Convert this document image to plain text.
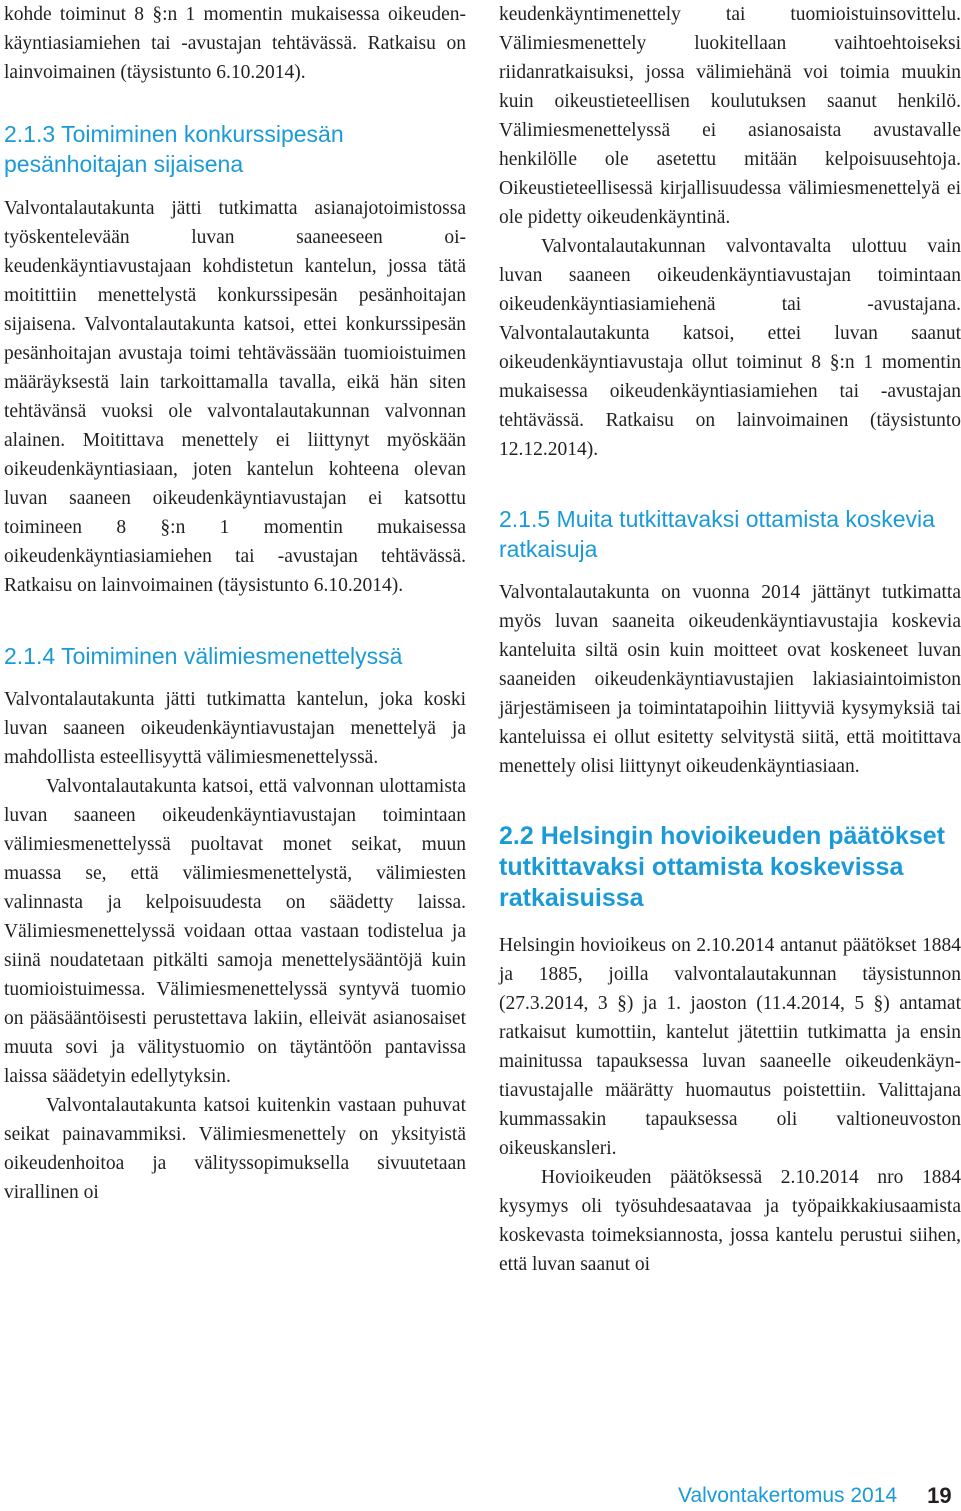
kohde toiminut 8 §:n 1 momentin mukaisessa oikeudenkäyntiasiamiehen tai -avustajan tehtävässä. Ratkaisu on lainvoimainen (täysistunto 6.10.2014).

2.1.3 Toimiminen konkurssipesän pesänhoitajan sijaisena

Valvontalautakunta jätti tutkimatta asianajotoimistossa työskentelevään luvan saaneeseen oikeudenkäyntiavustajaan kohdistetun kantelun, jossa tätä moitittiin menettelystä konkurssipesän pesänhoitajan sijaisena. Valvontalautakunta katsoi, ettei konkurssipesän pesänhoitajan avustaja toimi tehtävässään tuomioistuimen määräyksestä lain tarkoittamalla tavalla, eikä hän siten tehtävänsä vuoksi ole valvontalautakunnan valvonnan alainen. Moitittava menettely ei liittynyt myöskään oikeudenkäyntiasiaan, joten kantelun kohteena olevan luvan saaneen oikeudenkäyntiavustajan ei katsottu toimineen 8 §:n 1 momentin mukaisessa oikeudenkäyntiasiamiehen tai -avustajan tehtävässä. Ratkaisu on lainvoimainen (täysistunto 6.10.2014).

2.1.4 Toimiminen välimiesmenettelyssä

Valvontalautakunta jätti tutkimatta kantelun, joka koski luvan saaneen oikeudenkäyntiavustajan menettelyä ja mahdollista esteellisyyttä välimiesmenettelyssä.

Valvontalautakunta katsoi, että valvonnan ulottamista luvan saaneen oikeudenkäyntiavustajan toimintaan välimiesmenettelyssä puoltavat monet seikat, muun muassa se, että välimiesmenettelystä, välimiesten valinnasta ja kelpoisuudesta on säädetty laissa. Välimiesmenettelyssä voidaan ottaa vastaan todistelua ja siinä noudatetaan pitkälti samoja menettelysääntöjä kuin tuomioistuimessa. Välimiesmenettelyssä syntyvä tuomio on pääsääntöisesti perustettava lakiin, elleivät asianosaiset muuta sovi ja välitystuomio on täytäntöön pantavissa laissa säädetyin edellytyksin.

Valvontalautakunta katsoi kuitenkin vastaan puhuvat seikat painavammiksi. Välimiesmenettely on yksityistä oikeudenhoitoa ja välityssopimuksella sivuutetaan virallinen oi

keudenkäyntimenettely tai tuomioistuinsovittelu. Välimiesmenettely luokitellaan vaihtoehtoiseksi riidanratkaisuksi, jossa välimiehänä voi toimia muukin kuin oikeustieteellisen koulutuksen saanut henkilö. Välimiesmenettelyssä ei asianosaista avustavalle henkilölle ole asetettu mitään kelpoisuusehtoja. Oikeustieteellisessä kirjallisuudessa välimiesmenettelyä ei ole pidetty oikeudenkäyntinä.

Valvontalautakunnan valvontavalta ulottuu vain luvan saaneen oikeudenkäyntiavustajan toimintaan oikeudenkäyntiasiamiehenä tai -avustajana. Valvontalautakunta katsoi, ettei luvan saanut oikeudenkäyntiavustaja ollut toiminut 8 §:n 1 momentin mukaisessa oikeudenkäyntiasiamiehen tai -avustajan tehtävässä. Ratkaisu on lainvoimainen (täysistunto 12.12.2014).

2.1.5 Muita tutkittavaksi ottamista koskevia ratkaisuja

Valvontalautakunta on vuonna 2014 jättänyt tutkimatta myös luvan saaneita oikeudenkäyntiavustajia koskevia kanteluita siltä osin kuin moitteet ovat koskeneet luvan saaneiden oikeudenkäyntiavustajien lakiasiaintoimiston järjestämiseen ja toimintatapoihin liittyviä kysymyksiä tai kanteluissa ei ollut esitetty selvitystä siitä, että moitittava menettely olisi liittynyt oikeudenkäyntiasiaan.

2.2 Helsingin hovioikeuden päätökset tutkittavaksi ottamista koskevissa ratkaisuissa

Helsingin hovioikeus on 2.10.2014 antanut päätökset 1884 ja 1885, joilla valvontalautakunnan täysistunnon (27.3.2014, 3 §) ja 1. jaoston (11.4.2014, 5 §) antamat ratkaisut kumottiin, kantelut jätettiin tutkimatta ja ensin mainitussa tapauksessa luvan saaneelle oikeudenkäyntiavustajalle määrätty huomautus poistettiin. Valittajana kummassakin tapauksessa oli valtioneuvoston oikeuskansleri.

Hovioikeuden päätöksessä 2.10.2014 nro 1884 kysymys oli työsuhdesaatavaa ja työpaikkakiusaamista koskevasta toimeksiannosta, jossa kantelu perustui siihen, että luvan saanut oi

Valvontakertomus 2014 19
